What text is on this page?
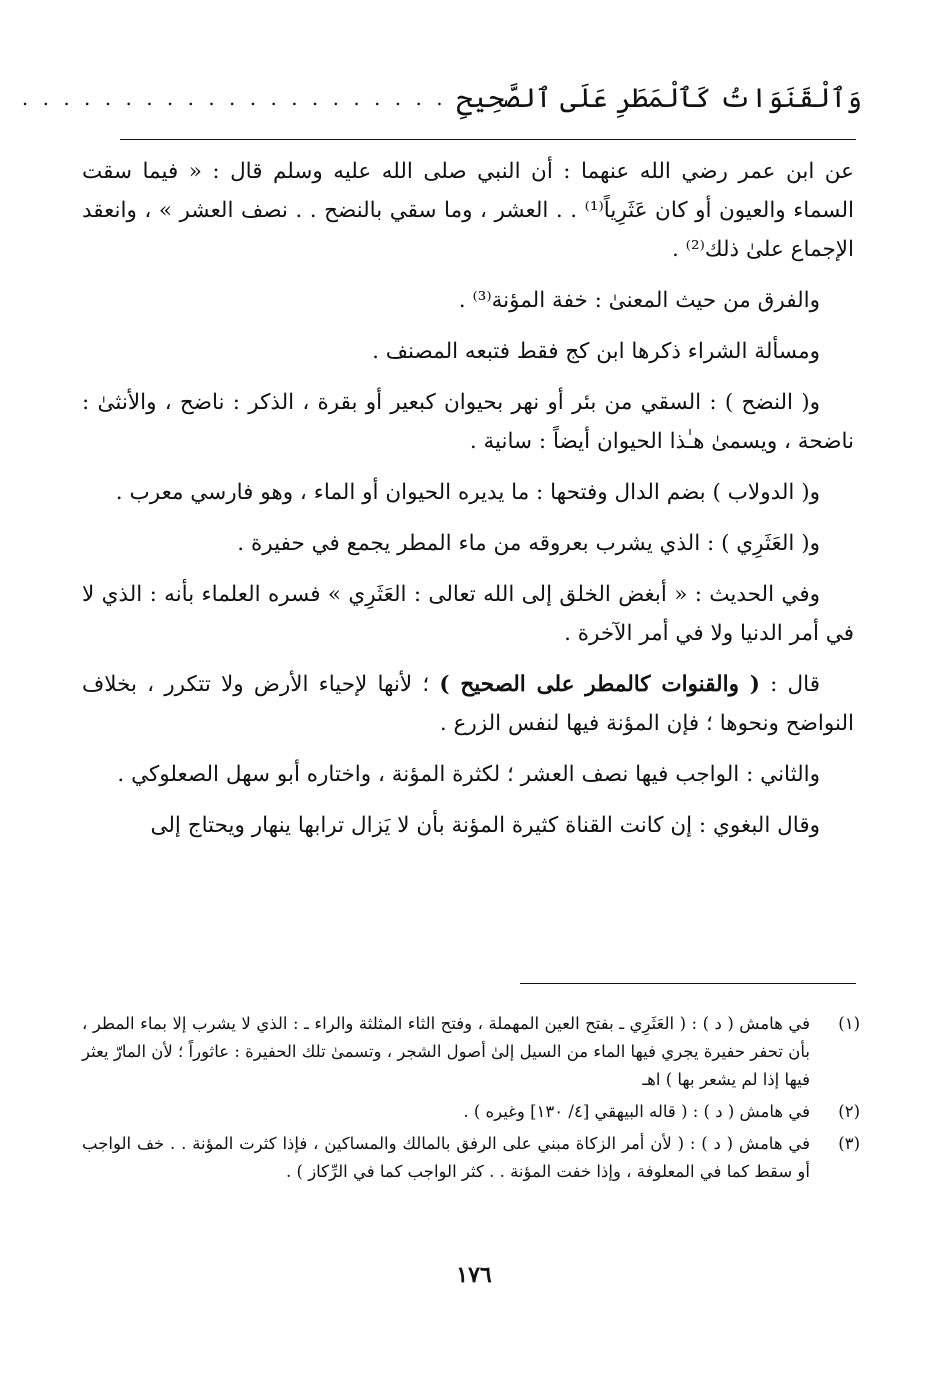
وَٱلْقَنَوَاتُ كَٱلْمَطَرِ عَلَى ٱلصَّحِيحِ
. . . . . . . . . . . . . . . . . . . . .

عن ابن عمر رضي الله عنهما : أن النبي صلى الله عليه وسلم قال : « فيما سقت السماء والعيون أو كان عَثَرِياً⁽¹⁾ . . العشر ، وما سقي بالنضح . . نصف العشر » ، وانعقد الإجماع علىٰ ذلك⁽²⁾ .

والفرق من حيث المعنىٰ : خفة المؤنة⁽³⁾ .

ومسألة الشراء ذكرها ابن كج فقط فتبعه المصنف .

و( النضح ) : السقي من بئر أو نهر بحيوان كبعير أو بقرة ، الذكر : ناضح ، والأنثىٰ : ناضحة ، ويسمىٰ هـٰذا الحيوان أيضاً : سانية .

و( الدولاب ) بضم الدال وفتحها : ما يديره الحيوان أو الماء ، وهو فارسي معرب .

و( العَثَرِي ) : الذي يشرب بعروقه من ماء المطر يجمع في حفيرة .

وفي الحديث : « أبغض الخلق إلى الله تعالى : العَثَرِي » فسره العلماء بأنه : الذي لا في أمر الدنيا ولا في أمر الآخرة .

قال : ( والقنوات كالمطر على الصحيح ) ؛ لأنها لإحياء الأرض ولا تتكرر ، بخلاف النواضح ونحوها ؛ فإن المؤنة فيها لنفس الزرع .

والثاني : الواجب فيها نصف العشر ؛ لكثرة المؤنة ، واختاره أبو سهل الصعلوكي .

وقال البغوي : إن كانت القناة كثيرة المؤنة بأن لا يَزال ترابها ينهار ويحتاج إلى

(١)
في هامش ( د ) : ( العَثَرِي ـ بفتح العين المهملة ، وفتح الثاء المثلثة والراء ـ : الذي لا يشرب إلا بماء المطر ، بأن تحفر حفيرة يجري فيها الماء من السيل إلىٰ أصول الشجر ، وتسمىٰ تلك الحفيرة : عاثوراً ؛ لأن المارّ يعثر فيها إذا لم يشعر بها ) اهـ
(٢)
في هامش ( د ) : ( قاله البيهقي [٤/ ١٣٠] وغيره ) .
(٣)
في هامش ( د ) : ( لأن أمر الزكاة مبني على الرفق بالمالك والمساكين ، فإذا كثرت المؤنة . . خف الواجب أو سقط كما في المعلوفة ، وإذا خفت المؤنة . . كثر الواجب كما في الرِّكاز ) .
١٧٦
